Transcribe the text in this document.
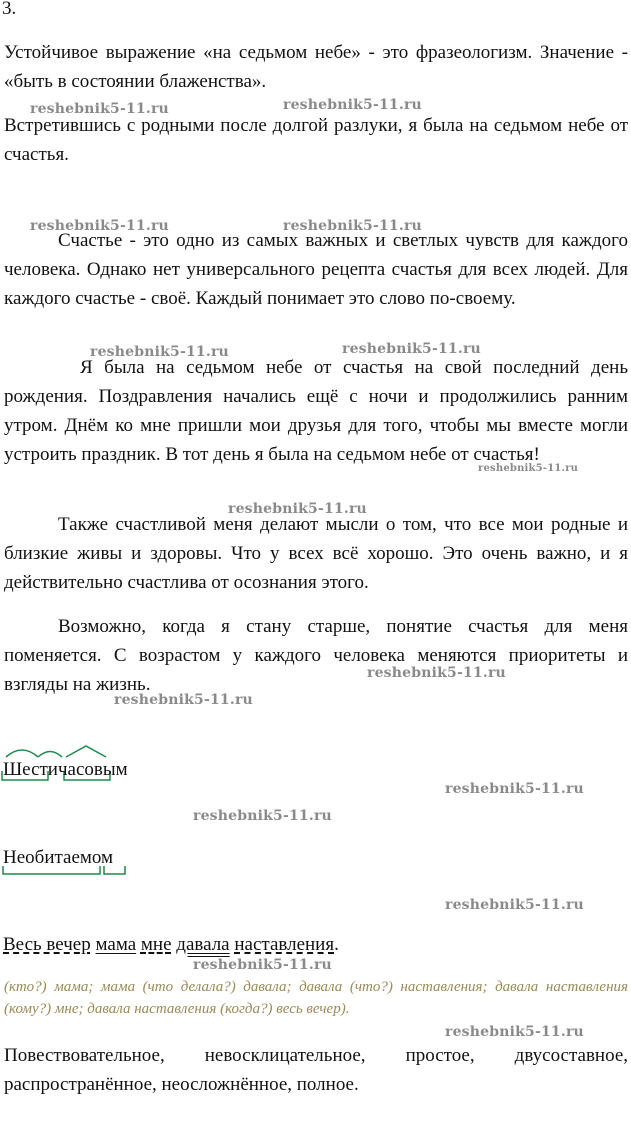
3.

Устойчивое выражение «на седьмом небе» - это фразеологизм. Значение - «быть в состоянии блаженства».

Встретившись с родными после долгой разлуки, я была на седьмом небе от счастья.

Счастье - это одно из самых важных и светлых чувств для каждого человека. Однако нет универсального рецепта счастья для всех людей. Для каждого счастье - своё. Каждый понимает это слово по-своему.

Я была на седьмом небе от счастья на свой последний день рождения. Поздравления начались ещё с ночи и продолжились ранним утром. Днём ко мне пришли мои друзья для того, чтобы мы вместе могли устроить праздник. В тот день я была на седьмом небе от счастья!

Также счастливой меня делают мысли о том, что все мои родные и близкие живы и здоровы. Что у всех всё хорошо. Это очень важно, и я действительно счастлива от осознания этого.

Возможно, когда я стану старше, понятие счастья для меня поменяется. С возрастом у каждого человека меняются приоритеты и взгляды на жизнь.

Шестичасовым
Необитаемом
Весь вечер мама мне давала наставления.

(кто?) мама; мама (что делала?) давала; давала (что?) наставления; давала наставления (кому?) мне; давала наставления (когда?) весь вечер).

Повествовательное, невосклицательное, простое, двусоставное, распространённое, неосложнённое, полное.

reshebnik5-11.ru	reshebnik5-11.ru
reshebnik5-11.ru	reshebnik5-11.ru
reshebnik5-11.ru	reshebnik5-11.ru
reshebnik5-11.ru
reshebnik5-11.ru
reshebnik5-11.ru
reshebnik5-11.ru
reshebnik5-11.ru
reshebnik5-11.ru
reshebnik5-11.ru
reshebnik5-11.ru
reshebnik5-11.ru
